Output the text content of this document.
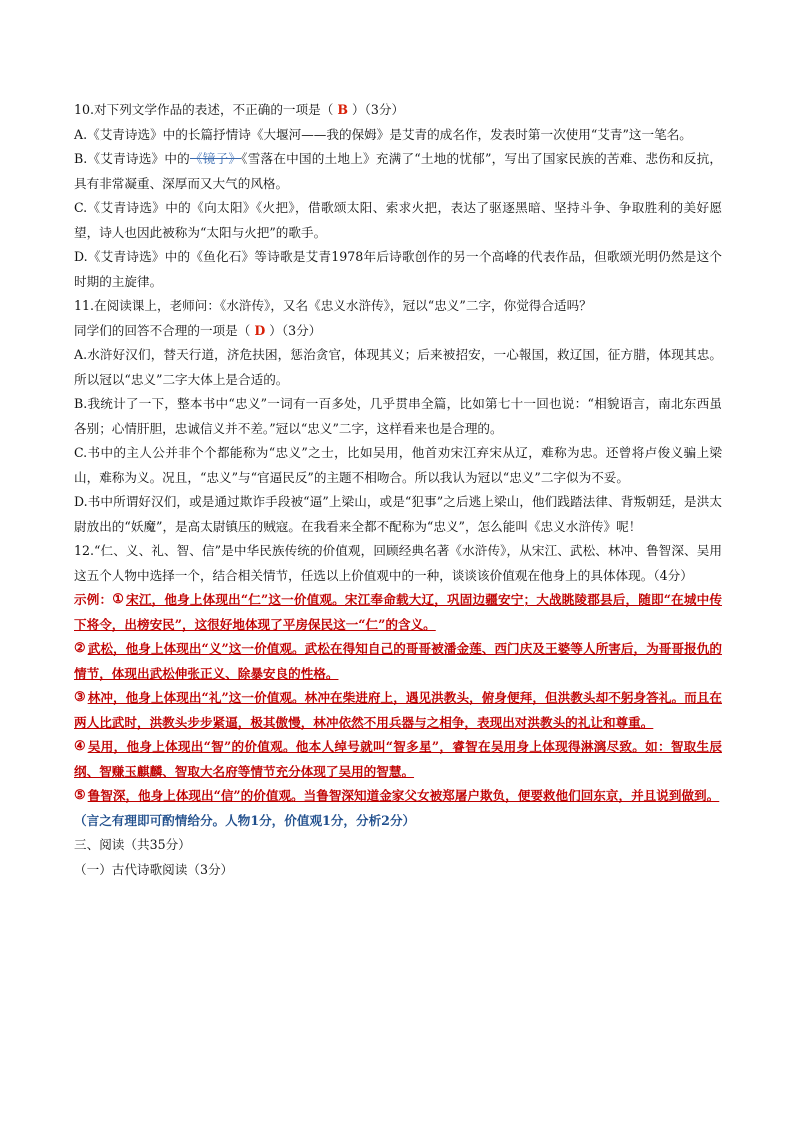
10.对下列文学作品的表述，不正确的一项是（ B ）（3分）

A.《艾青诗选》中的长篇抒情诗《大堰河——我的保姆》是艾青的成名作，发表时第一次使用“艾青”这一笔名。

B.《艾青诗选》中的《镜子》《雪落在中国的土地上》充满了“土地的忧郁”，写出了国家民族的苦难、悲伤和反抗，具有非常凝重、深厚而又大气的风格。

C.《艾青诗选》中的《向太阳》《火把》，借歌颂太阳、索求火把，表达了驱逐黑暗、坚持斗争、争取胜利的美好愿望，诗人也因此被称为“太阳与火把”的歌手。

D.《艾青诗选》中的《鱼化石》等诗歌是艾青1978年后诗歌创作的另一个高峰的代表作品，但歌颂光明仍然是这个时期的主旋律。

11.在阅读课上，老师问：《水浒传》，又名《忠义水浒传》，冠以“忠义”二字，你觉得合适吗？

同学们的回答不合理的一项是（ D ）（3分）

A.水浒好汉们，替天行道，济危扶困，惩治贪官，体现其义；后来被招安，一心報国，救辽国，征方腊，体现其忠。所以冠以“忠义”二字大体上是合适的。

B.我统计了一下，整本书中“忠义”一词有一百多处，几乎贯串全篇，比如第七十一回也说：“相貌语言，南北东西虽各别；心情肝胆，忠诚信义并不差。”冠以“忠义”二字，这样看来也是合理的。

C.书中的主人公并非个个都能称为“忠义”之士，比如吴用，他首劝宋江弃宋从辽，难称为忠。还曾将卢俊义骗上梁山，难称为义。况且，“忠义”与“官逼民反”的主题不相吻合。所以我认为冠以“忠义”二字似为不妥。

D.书中所谓好汉们，或是通过欺诈手段被“逼”上梁山，或是“犯事”之后逃上梁山，他们践踏法律、背叛朝廷，是洪太尉放出的“妖魔”，是高太尉镇压的贼寇。在我看来全都不配称为“忠义”，怎么能叫《忠义水浒传》呢！

12.“仁、义、礼、智、信”是中华民族传统的价值观，回顾经典名著《水浒传》，从宋江、武松、林冲、鲁智深、吴用这五个人物中选择一个，结合相关情节，任选以上价值观中的一种，谈谈该价值观在他身上的具体体现。（4分）

示例：① 宋江，他身上体现出“仁”这一价值观。宋江奉命载大辽，巩固边疆安宁；大战眺陵郡县后，随即“在城中传下将令，出榜安民”，这很好地体现了平房保民这一“仁”的含义。

② 武松，他身上体现出“义”这一价值观。武松在得知自己的哥哥被潘金莲、西门庆及王婆等人所害后，为哥哥报仇的情节，体现出武松伸张正义、除暴安良的性格。

③ 林冲，他身上体现出“礼”这一价值观。林冲在柴进府上，遇见洪教头，俯身便拜，但洪教头却不躬身答礼。而且在两人比武时，洪教头步步紧逼，极其傲慢，林冲依然不用兵器与之相争，表现出对洪教头的礼让和尊重。

④ 吴用，他身上体现出“智”的价值观。他本人绰号就叫“智多星”，睿智在吴用身上体现得淋漓尽致。如：智取生辰纲、智赚玉麒麟、智取大名府等情节充分体现了吴用的智慧。

⑤ 鲁智深，他身上体现出“信”的价值观。当鲁智深知道金家父女被郑屠户欺负，便要救他们回东京，并且说到做到。

（言之有理即可酌情给分。人物1分，价值观1分，分析2分）

三、阅读（共35分）

（一）古代诗歌阅读（3分）
